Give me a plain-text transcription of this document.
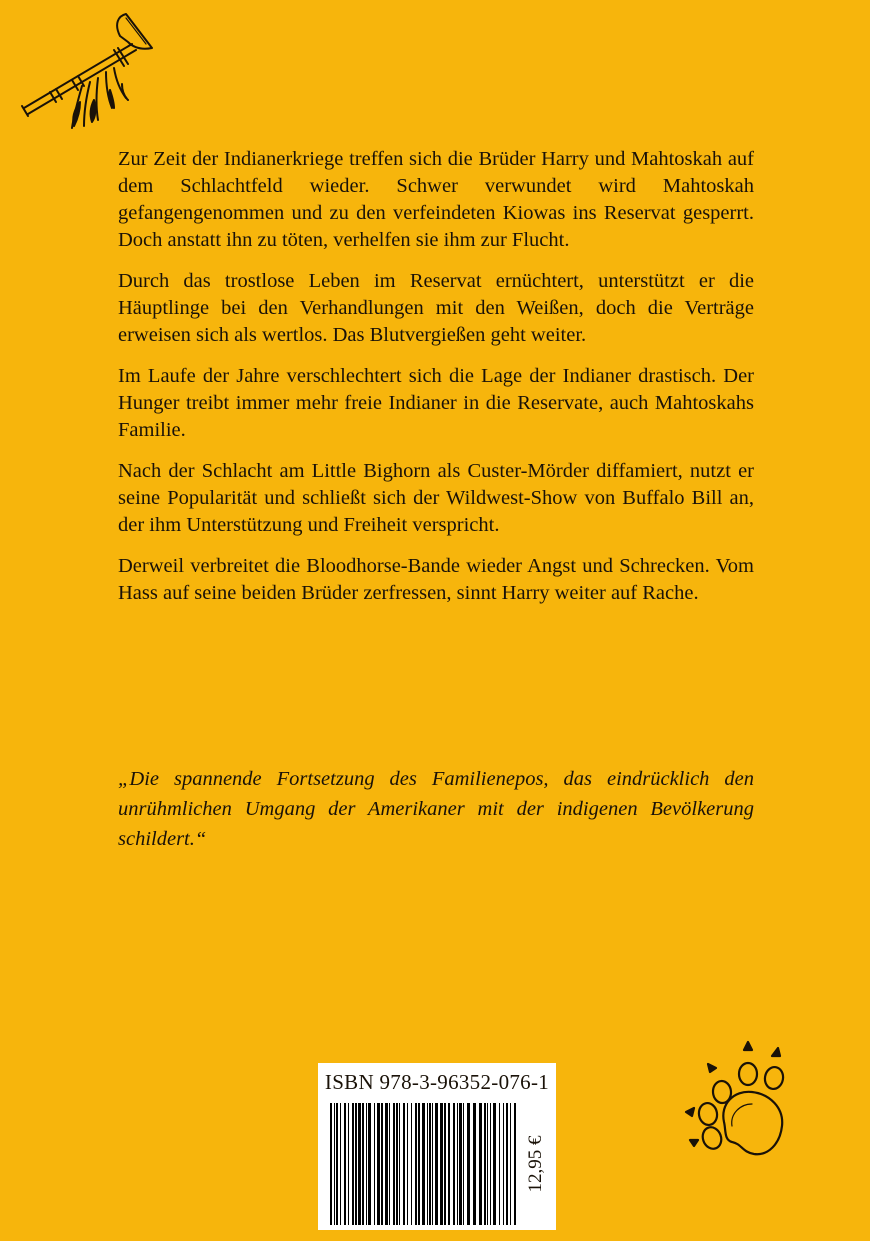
Zur Zeit der Indianerkriege treffen sich die Brüder Harry und Mahtoskah auf dem Schlachtfeld wieder. Schwer verwundet wird Mahtoskah gefangengenommen und zu den verfeindeten Kiowas ins Reservat gesperrt. Doch anstatt ihn zu töten, verhelfen sie ihm zur Flucht.

Durch das trostlose Leben im Reservat ernüchtert, unterstützt er die Häuptlinge bei den Verhandlungen mit den Weißen, doch die Verträge erweisen sich als wertlos. Das Blutvergießen geht weiter.

Im Laufe der Jahre verschlechtert sich die Lage der Indianer drastisch. Der Hunger treibt immer mehr freie Indianer in die Reservate, auch Mahtoskahs Familie.

Nach der Schlacht am Little Bighorn als Custer-Mörder diffamiert, nutzt er seine Popularität und schließt sich der Wildwest-Show von Buffalo Bill an, der ihm Unterstützung und Freiheit verspricht.

Derweil verbreitet die Bloodhorse-Bande wieder Angst und Schrecken. Vom Hass auf seine beiden Brüder zerfressen, sinnt Harry weiter auf Rache.

„Die spannende Fortsetzung des Familienepos, das eindrücklich den unrühmlichen Umgang der Amerikaner mit der indigenen Bevölkerung schildert.“
ISBN 978-3-96352-076-1
12,95 €
